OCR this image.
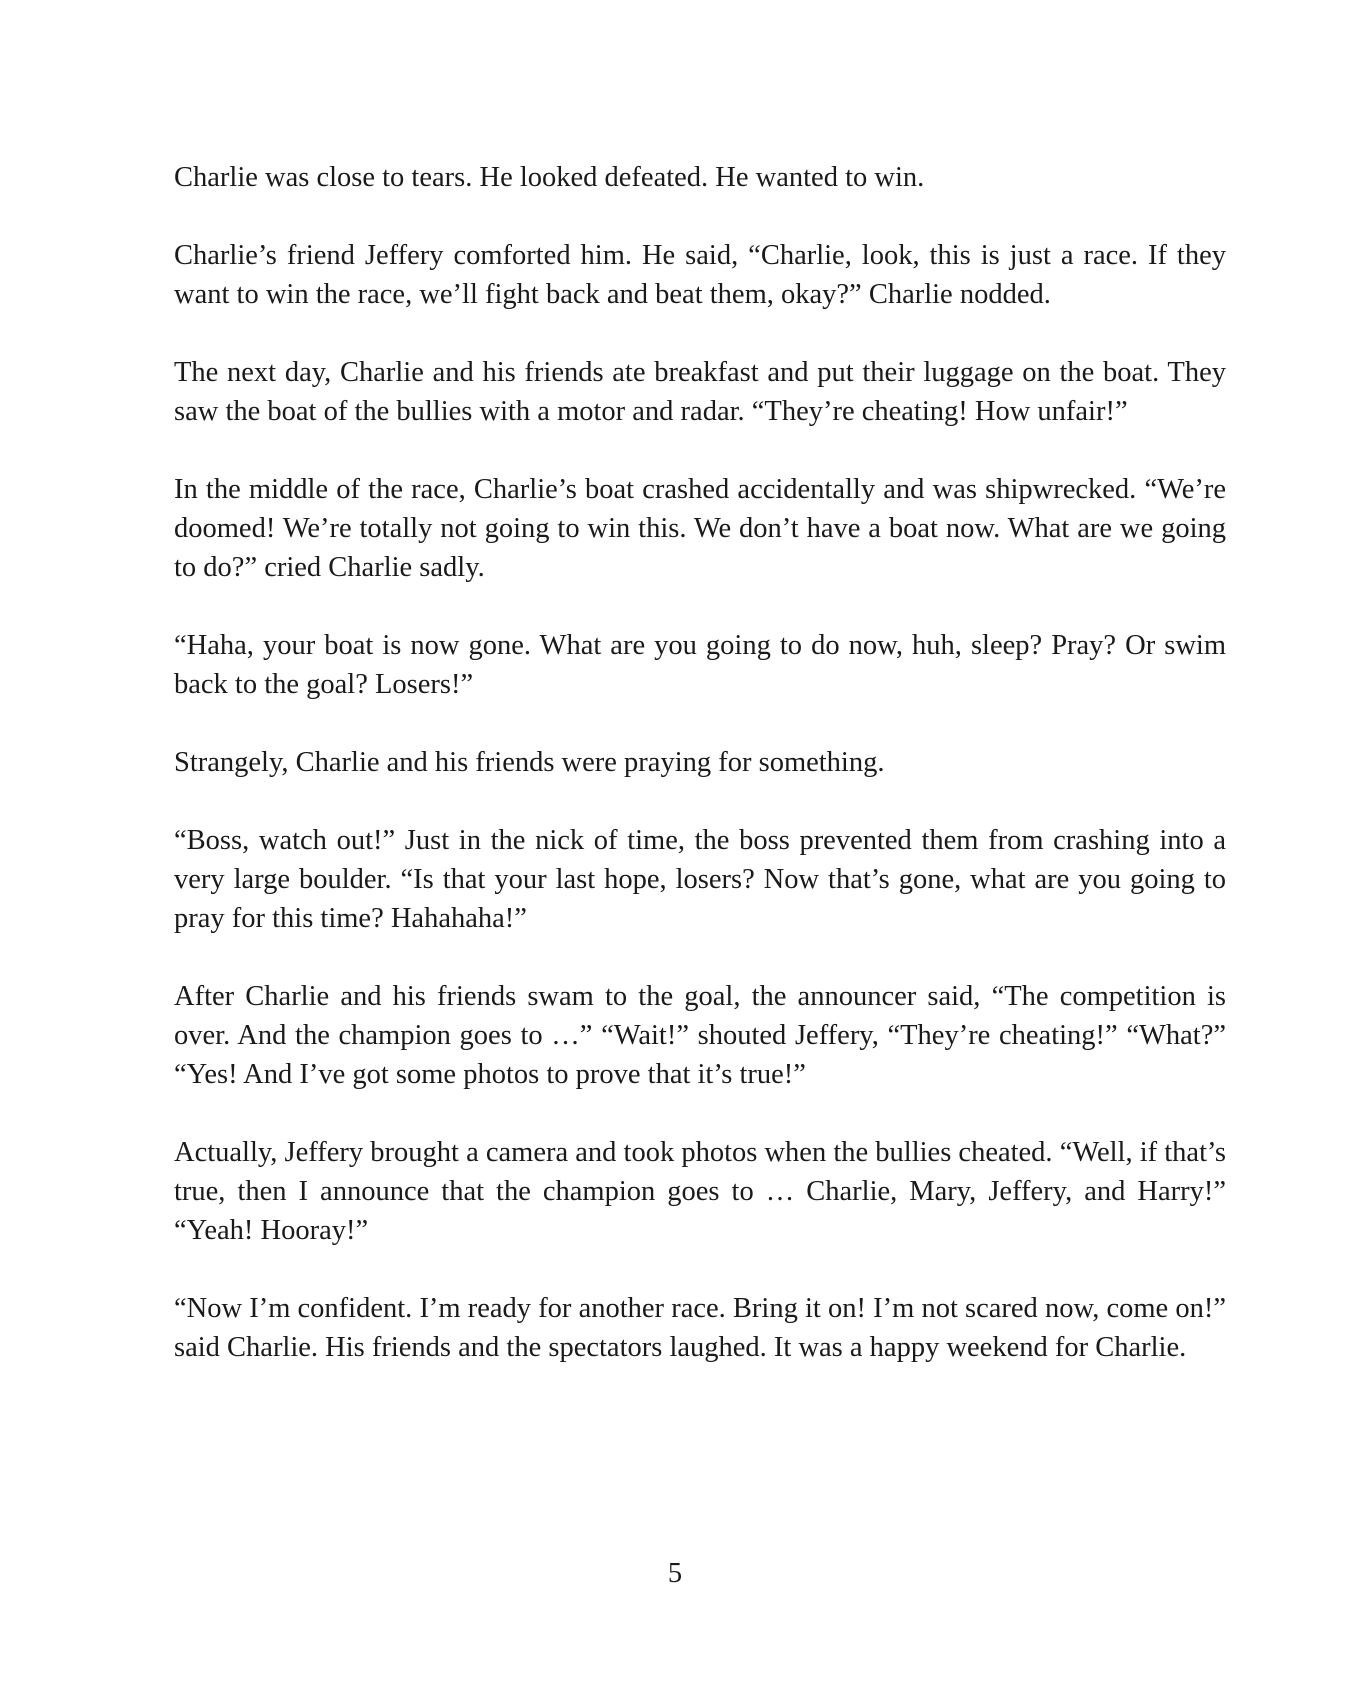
Charlie was close to tears. He looked defeated. He wanted to win.

Charlie’s friend Jeffery comforted him. He said, “Charlie, look, this is just a race. If they want to win the race, we’ll fight back and beat them, okay?” Charlie nodded.

The next day, Charlie and his friends ate breakfast and put their luggage on the boat. They saw the boat of the bullies with a motor and radar. “They’re cheating! How unfair!”

In the middle of the race, Charlie’s boat crashed accidentally and was shipwrecked. “We’re doomed! We’re totally not going to win this. We don’t have a boat now. What are we going to do?” cried Charlie sadly.

“Haha, your boat is now gone. What are you going to do now, huh, sleep? Pray? Or swim back to the goal? Losers!”

Strangely, Charlie and his friends were praying for something.

“Boss, watch out!” Just in the nick of time, the boss prevented them from crashing into a very large boulder. “Is that your last hope, losers? Now that’s gone, what are you going to pray for this time? Hahahaha!”

After Charlie and his friends swam to the goal, the announcer said, “The competition is over. And the champion goes to …” “Wait!” shouted Jeffery, “They’re cheating!” “What?” “Yes! And I’ve got some photos to prove that it’s true!”

Actually, Jeffery brought a camera and took photos when the bullies cheated. “Well, if that’s true, then I announce that the champion goes to … Charlie, Mary, Jeffery, and Harry!” “Yeah! Hooray!”

“Now I’m confident. I’m ready for another race. Bring it on! I’m not scared now, come on!” said Charlie. His friends and the spectators laughed. It was a happy weekend for Charlie.

5
